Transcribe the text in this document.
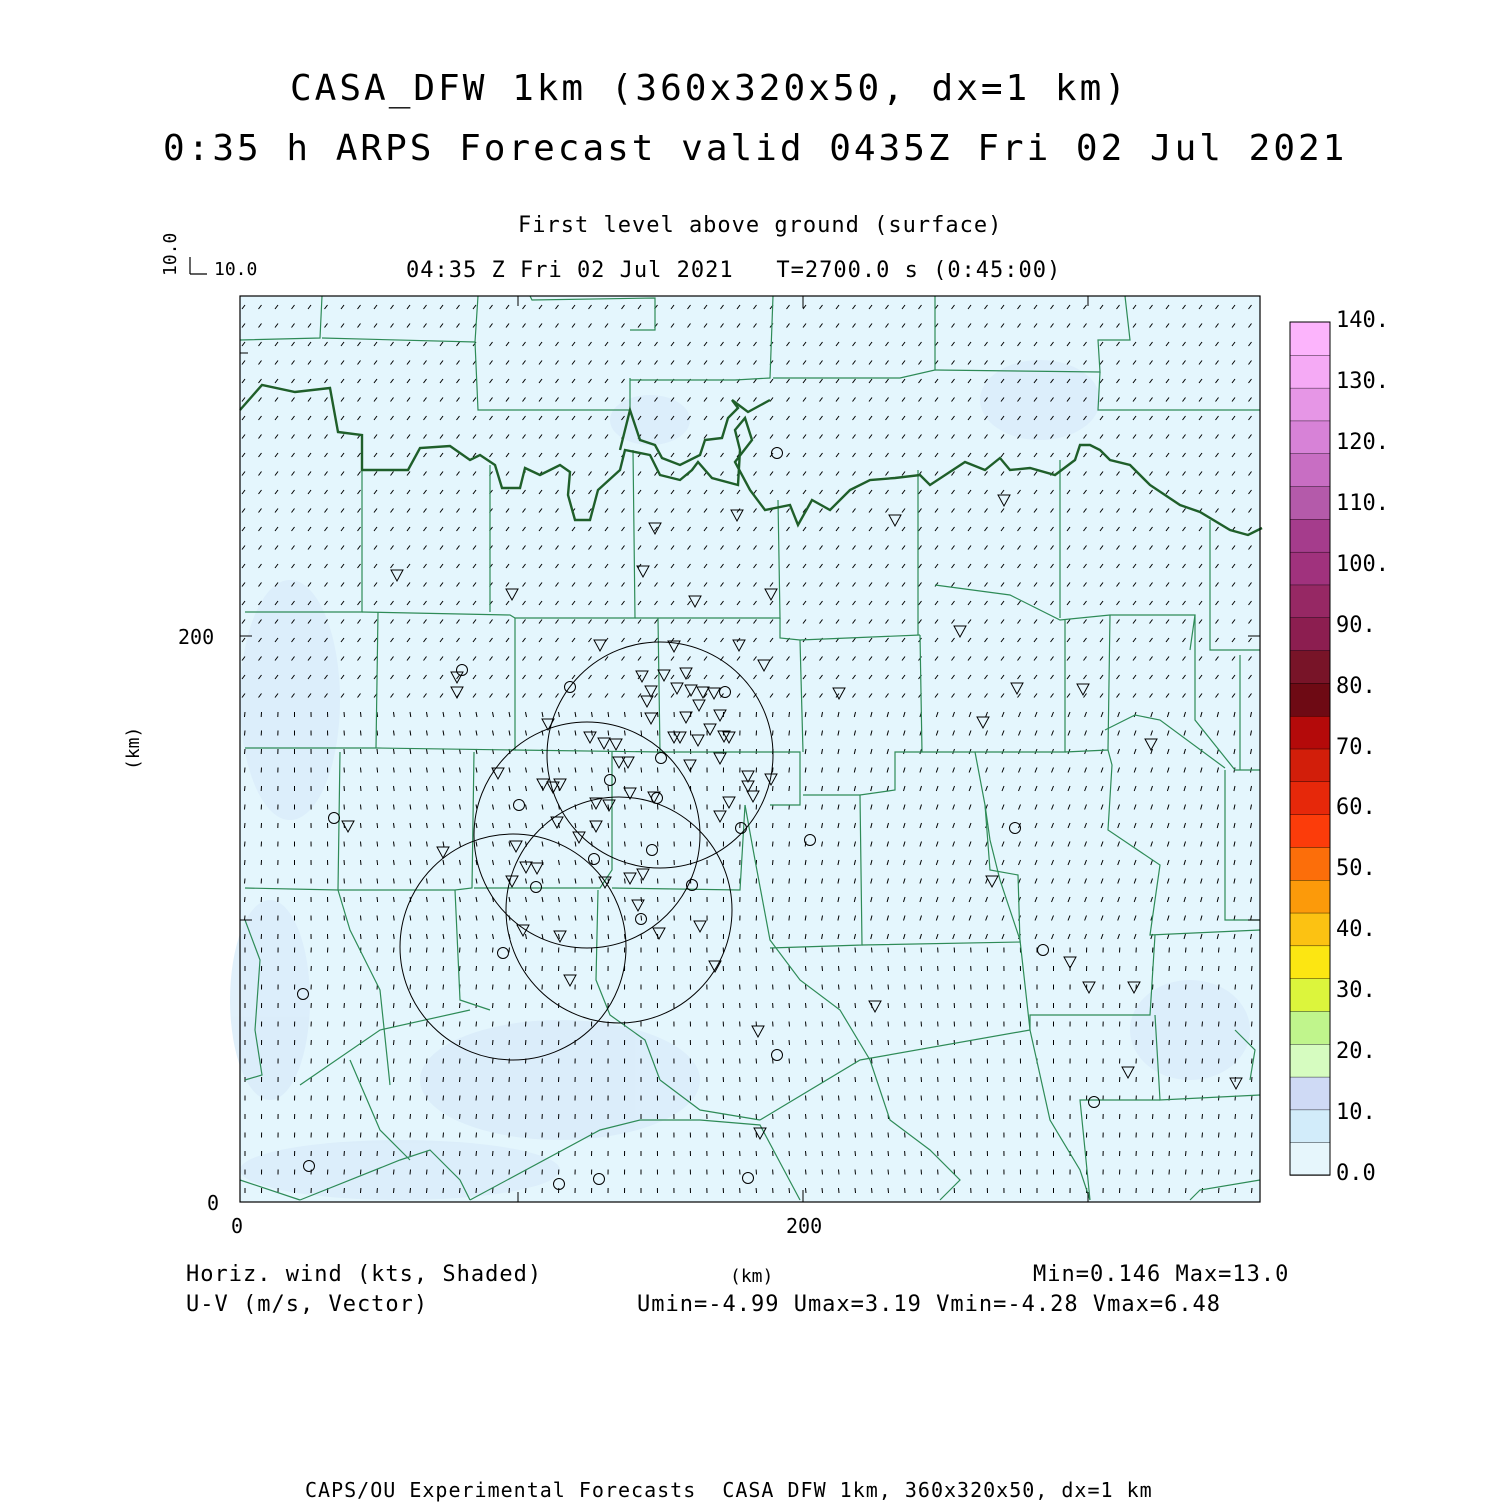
CASA_DFW 1km (360x320x50, dx=1 km)
0:35 h ARPS Forecast valid 0435Z Fri 02 Jul 2021
First level above ground (surface)
04:35 Z Fri 02 Jul 2021   T=2700.0 s (0:45:00)
10.0
10.0
200
0
0	200
(km)
(km)
0.0
10.
20.
30.
40.
50.
60.
70.
80.
90.
100.
110.
120.
130.
140.
Horiz. wind (kts, Shaded)
U-V (m/s, Vector)
Min=0.146 Max=13.0
Umin=-4.99 Umax=3.19 Vmin=-4.28 Vmax=6.48
CAPS/OU Experimental Forecasts  CASA DFW 1km, 360x320x50, dx=1 km
